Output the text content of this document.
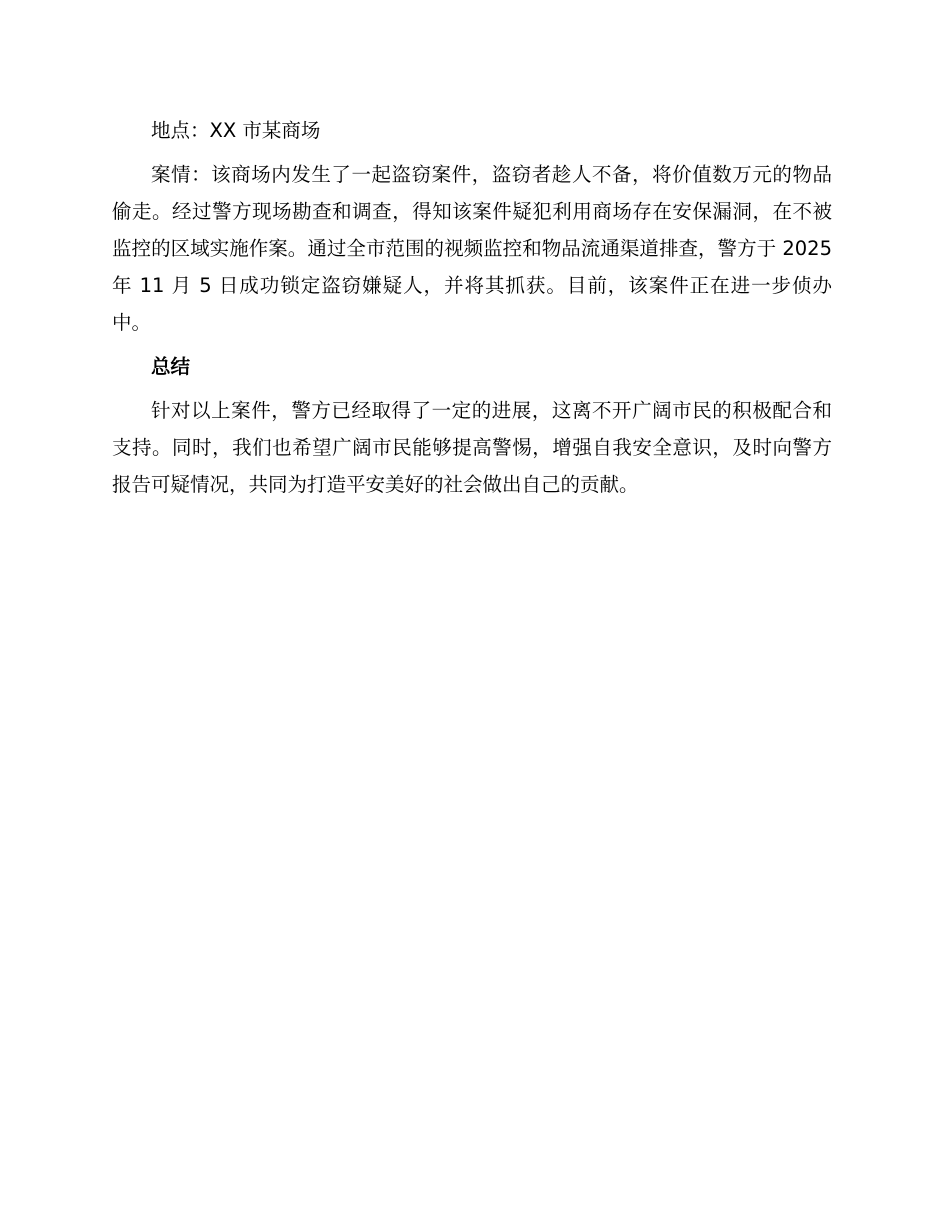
地点：XX 市某商场

案情：该商场内发生了一起盗窃案件，盗窃者趁人不备，将价值数万元的物品偷走。经过警方现场勘查和调查，得知该案件疑犯利用商场存在安保漏洞，在不被监控的区域实施作案。通过全市范围的视频监控和物品流通渠道排查，警方于 2025 年 11 月 5 日成功锁定盗窃嫌疑人，并将其抓获。目前，该案件正在进一步侦办中。

总结

针对以上案件，警方已经取得了一定的进展，这离不开广阔市民的积极配合和支持。同时，我们也希望广阔市民能够提高警惕，增强自我安全意识，及时向警方报告可疑情况，共同为打造平安美好的社会做出自己的贡献。
